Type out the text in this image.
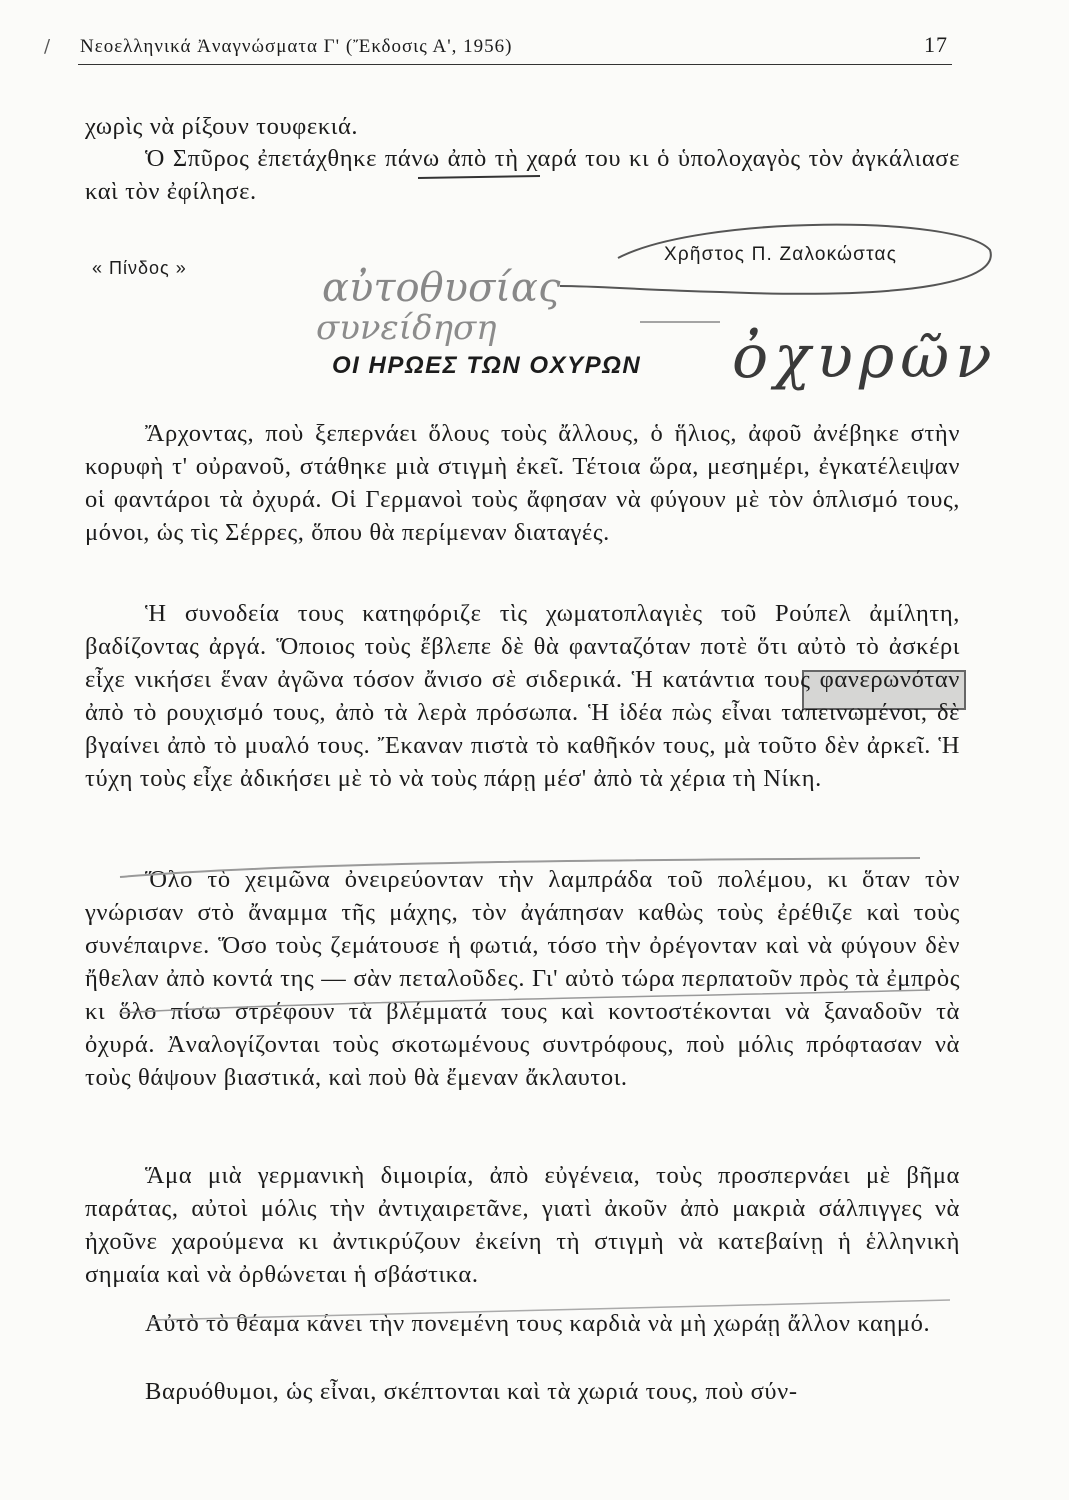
/ Νεοελληνικά Ἀναγνώσματα Γ' (Ἔκδοσις Α', 1956)	17

χωρὶς νὰ ρίξουν τουφεκιά.

Ὁ Σπῦρος ἐπετάχθηκε πάνω ἀπὸ τὴ χαρά του κι ὁ ὑπολοχαγὸς τὸν ἀγκάλιασε καὶ τὸν ἐφίλησε.

« Πίνδος »
Χρῆστος Π. Ζαλοκώστας
αὐτοθυσίας
συνείδηση	ὀχυρῶν
ΟΙ ΗΡΩΕΣ ΤΩΝ ΟΧΥΡΩΝ

Ἄρχοντας, ποὺ ξεπερνάει ὅλους τοὺς ἄλλους, ὁ ἥλιος, ἀφοῦ ἀνέβηκε στὴν κορυφὴ τ' οὐρανοῦ, στάθηκε μιὰ στιγμὴ ἐκεῖ. Τέτοια ὥρα, μεσημέρι, ἐγκατέλειψαν οἱ φαντάροι τὰ ὀχυρά. Οἱ Γερμανοὶ τοὺς ἄφησαν νὰ φύγουν μὲ τὸν ὁπλισμό τους, μόνοι, ὡς τὶς Σέρρες, ὅπου θὰ περίμεναν διαταγές.

Ἡ συνοδεία τους κατηφόριζε τὶς χωματοπλαγιὲς τοῦ Ρούπελ ἀμίλητη, βαδίζοντας ἀργά. Ὅποιος τοὺς ἔβλεπε δὲ θὰ φανταζόταν ποτὲ ὅτι αὐτὸ τὸ ἀσκέρι εἶχε νικήσει ἕναν ἀγῶνα τόσον ἄνισο σὲ σιδερικά. Ἡ κατάντια τους φανερωνόταν ἀπὸ τὸ ρουχισμό τους, ἀπὸ τὰ λερὰ πρόσωπα. Ἡ ἰδέα πὼς εἶναι ταπεινωμένοι, δὲ βγαίνει ἀπὸ τὸ μυαλό τους. Ἔκαναν πιστὰ τὸ καθῆκόν τους, μὰ τοῦτο δὲν ἀρκεῖ. Ἡ τύχη τοὺς εἶχε ἀδικήσει μὲ τὸ νὰ τοὺς πάρῃ μέσ' ἀπὸ τὰ χέρια τὴ Νίκη.

Ὅλο τὸ χειμῶνα ὀνειρεύονταν τὴν λαμπράδα τοῦ πολέμου, κι ὅταν τὸν γνώρισαν στὸ ἄναμμα τῆς μάχης, τὸν ἀγάπησαν καθὼς τοὺς ἐρέθιζε καὶ τοὺς συνέπαιρνε. Ὅσο τοὺς ζεμάτουσε ἡ φωτιά, τόσο τὴν ὀρέγονταν καὶ νὰ φύγουν δὲν ἤθελαν ἀπὸ κοντά της — σὰν πεταλοῦδες. Γι' αὐτὸ τώρα περπατοῦν πρὸς τὰ ἐμπρὸς κι ὅλο πίσω στρέφουν τὰ βλέμματά τους καὶ κοντοστέκονται νὰ ξαναδοῦν τὰ ὀχυρά. Ἀναλογίζονται τοὺς σκοτωμένους συντρόφους, ποὺ μόλις πρόφτασαν νὰ τοὺς θάψουν βιαστικά, καὶ ποὺ θὰ ἔμεναν ἄκλαυτοι.

Ἅμα μιὰ γερμανικὴ διμοιρία, ἀπὸ εὐγένεια, τοὺς προσπερνάει μὲ βῆμα παράτας, αὐτοὶ μόλις τὴν ἀντιχαιρετᾶνε, γιατὶ ἀκοῦν ἀπὸ μακριὰ σάλπιγγες νὰ ἠχοῦνε χαρούμενα κι ἀντικρύζουν ἐκείνη τὴ στιγμὴ νὰ κατεβαίνῃ ἡ ἑλληνικὴ σημαία καὶ νὰ ὀρθώνεται ἡ σβάστικα.

Αὐτὸ τὸ θέαμα κάνει τὴν πονεμένη τους καρδιὰ νὰ μὴ χωράῃ ἄλλον καημό.

Βαρυόθυμοι, ὡς εἶναι, σκέπτονται καὶ τὰ χωριά τους, ποὺ σύν-
